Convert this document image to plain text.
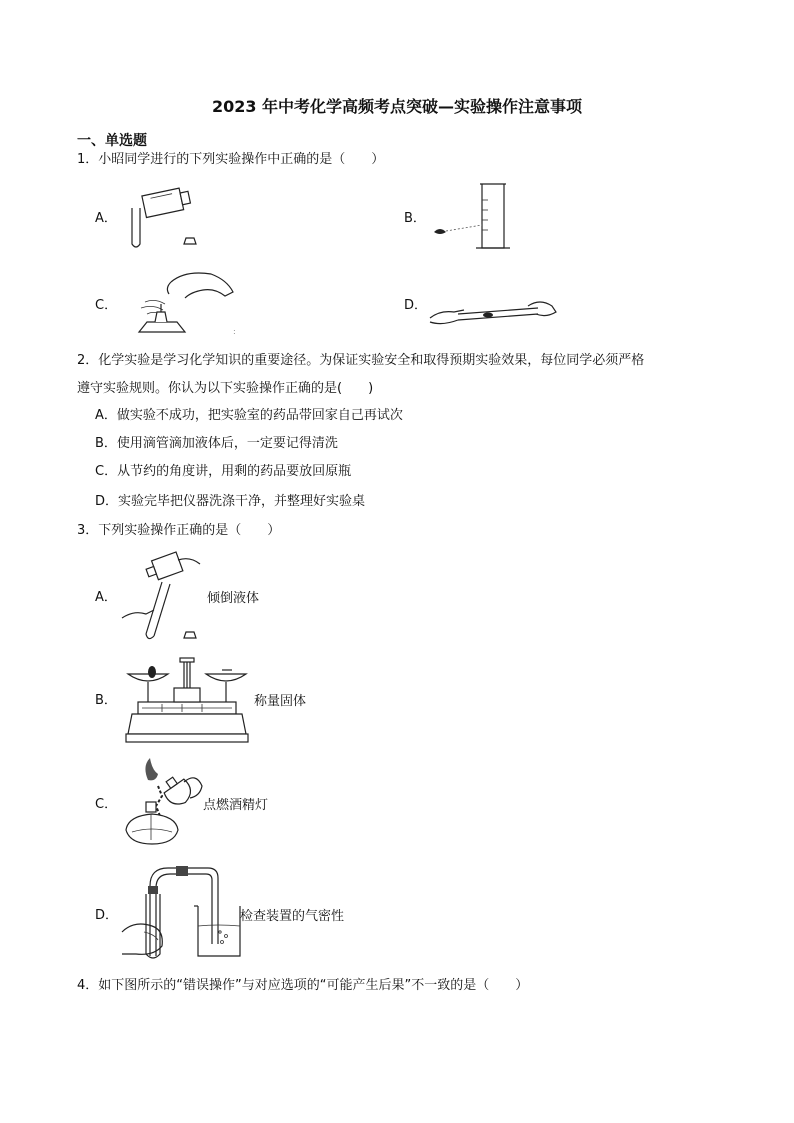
2023 年中考化学高频考点突破—实验操作注意事项
一、单选题
1．小昭同学进行的下列实验操作中正确的是（　　）
A．	B．
C．
:
D．
2．化学实验是学习化学知识的重要途径。为保证实验安全和取得预期实验效果，每位同学必须严格
遵守实验规则。你认为以下实验操作正确的是(　　)
A．做实验不成功，把实验室的药品带回家自己再试次
B．使用滴管滴加液体后，一定要记得清洗
C．从节约的角度讲，用剩的药品要放回原瓶
D．实验完毕把仪器洗涤干净，并整理好实验桌
3．下列实验操作正确的是（　　）
A．	倾倒液体
B．	称量固体
C．	点燃酒精灯
D．	检查装置的气密性
4．如下图所示的“错误操作”与对应选项的“可能产生后果”不一致的是（　　）
